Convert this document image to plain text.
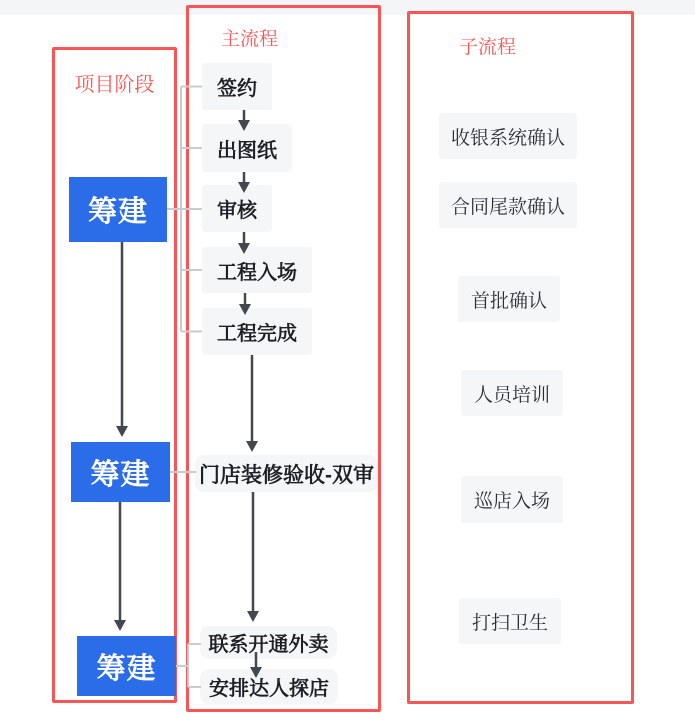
项目阶段
主流程	子流程
筹建
筹建
筹建
签约
出图纸
审核
工程入场
工程完成
门店装修验收-双审
联系开通外卖
安排达人探店
收银系统确认
合同尾款确认
首批确认
人员培训
巡店入场
打扫卫生
